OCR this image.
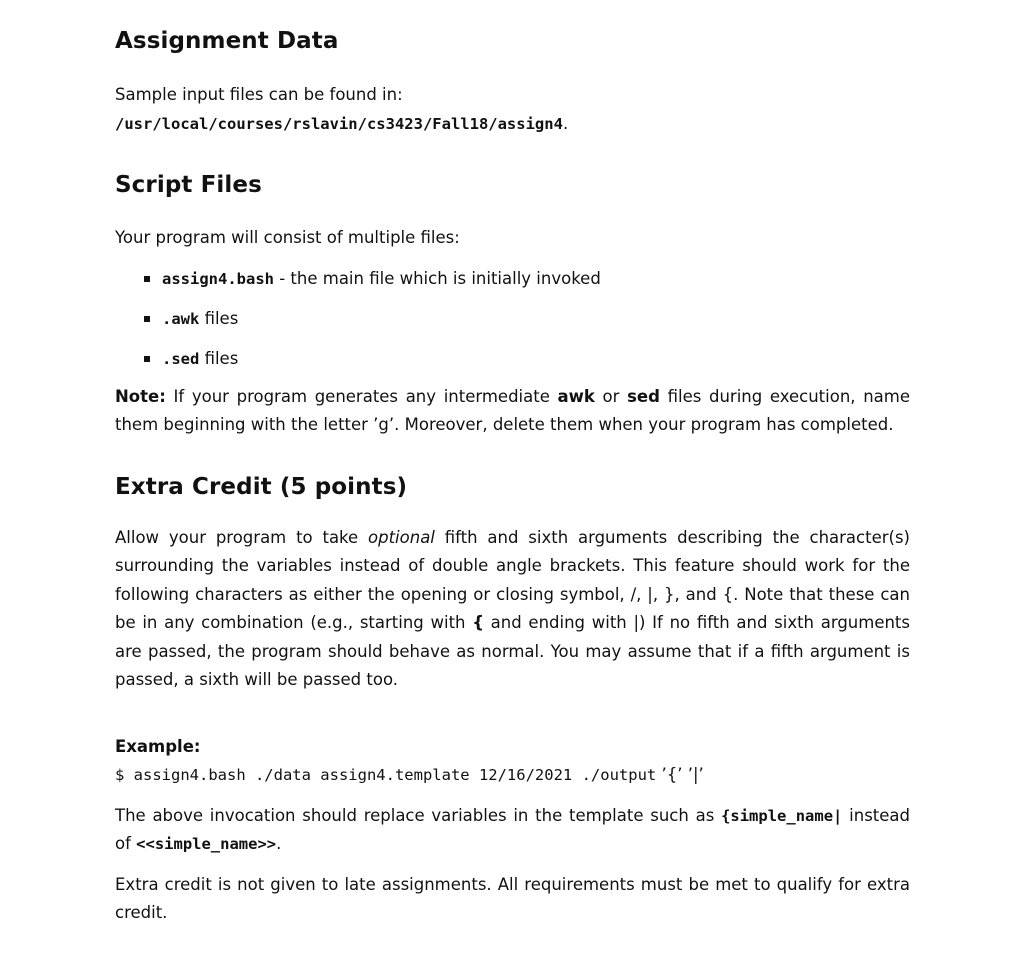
Assignment Data

Sample input files can be found in:
/usr/local/courses/rslavin/cs3423/Fall18/assign4.

Script Files

Your program will consist of multiple files:

assign4.bash - the main file which is initially invoked
.awk files
.sed files

Note: If your program generates any intermediate awk or sed files during execution, name them beginning with the letter ’g’. Moreover, delete them when your program has completed.

Extra Credit (5 points)

Allow your program to take optional fifth and sixth arguments describing the character(s) surrounding the variables instead of double angle brackets. This feature should work for the following characters as either the opening or closing symbol, /, |, }, and {. Note that these can be in any combination (e.g., starting with { and ending with |) If no fifth and sixth arguments are passed, the program should behave as normal. You may assume that if a fifth argument is passed, a sixth will be passed too.

Example:
$ assign4.bash ./data assign4.template 12/16/2021 ./output ’{’ ’|’

The above invocation should replace variables in the template such as {simple_name| instead of <<simple_name>>.

Extra credit is not given to late assignments. All requirements must be met to qualify for extra credit.
